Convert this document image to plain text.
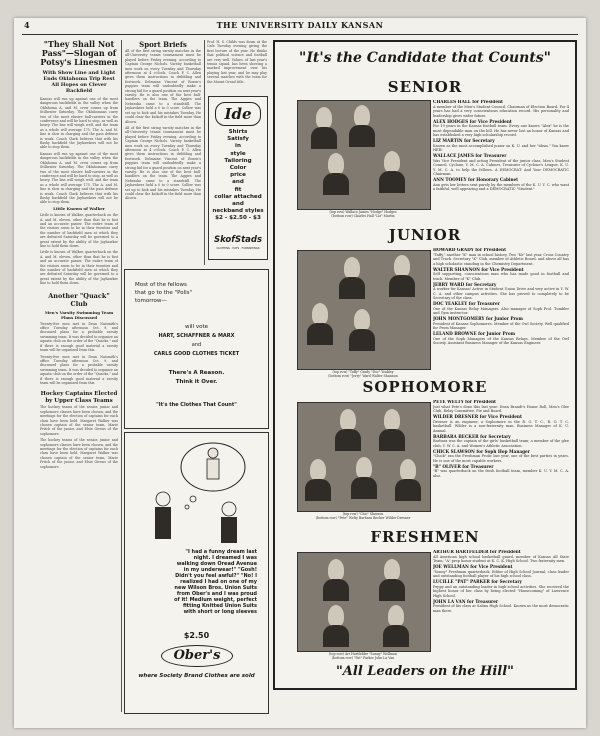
4	THE UNIVERSITY DAILY KANSAN
"They Shall Not Pass"—Slogan of Potsy's Linesmen
With Show Line and Light Ends Oklahoma Trip Rest All Hopes on Clever Backfield
Kansas will run up against one of the most dangerous backfields in the valley when the Oklahoma A. and M. crew comes up from Stillwater Saturday. The Oklahomans carry two of the most elusive ball-carriers in the conference and will be hard to stop, as well as heavy. The line will weigh well, and the team as a whole will average 175. The A. and M. line is slow in charging and the pass defense is weak. Coach Clark believes that with his flashy backfield the Jayhawkers will not be able to stop them.
Kansas will run up against one of the most dangerous backfields in the valley when the Oklahoma A. and M. crew comes up from Stillwater Saturday. The Oklahomans carry two of the most elusive ball-carriers in the conference and will be hard to stop, as well as heavy. The line will weigh well, and the team as a whole will average 175. The A. and M. line is slow in charging and the pass defense is weak. Coach Clark believes that with his flashy backfield the Jayhawkers will not be able to stop them.
Little Known of Walker
Little is known of Walker, quarterback on the A. and M. eleven, other than that he is fast and an accurate passer. The entire team of the visitors seem to be in their twenties and the number of backfield men at which they are defeated Saturday will be governed to a great extent by the ability of the Jayhawker line to hold them down.
Little is known of Walker, quarterback on the A. and M. eleven, other than that he is fast and an accurate passer. The entire team of the visitors seem to be in their twenties and the number of backfield men at which they are defeated Saturday will be governed to a great extent by the ability of the Jayhawker line to hold them down.
Another "Quack" Club
Men's Varsity Swimming Team Plans Discussed
Twenty-five men met in Dean Naismith's office Tuesday afternoon Oct. 9, and discussed plans for a probable varsity swimming team. It was decided to organize an aquatic club on the order of the "Quacks," and if there is enough good material a varsity team will be organized from this.
Twenty-five men met in Dean Naismith's office Tuesday afternoon Oct. 9, and discussed plans for a probable varsity swimming team. It was decided to organize an aquatic club on the order of the "Quacks," and if there is enough good material a varsity team will be organized from this.
Hockey Captains Elected by Upper Class Teams
The hockey teams of the senior, junior and sophomore classes have been chosen, and the meetings for the election of captains for each class have been held. Margaret Walker was chosen captain of the senior team, Marie Fritch of the junior, and Elsie Givens of the sophomore.
The hockey teams of the senior, junior and sophomore classes have been chosen, and the meetings for the election of captains for each class have been held. Margaret Walker was chosen captain of the senior team, Marie Fritch of the junior, and Elsie Givens of the sophomore.
Sport Briefs
All of the first string varsity matches in the all-University tennis tournament must be played before Friday evening, according to Captain George Nichols. Varsity basketball men work on every Tuesday and Thursday afternoon at 4 o'clock. Coach F. C. Allen gives them instructions in dribbling and footwork. Delmaine Vincent of Rosen's puppies team will undoubtedly make a strong bid for a guard position on next year's varsity. He is also one of the best ball-handlers on the team. The Aggies and Nebraska came to a standstill. The Jayhawkers held a 0 to 0 score. Collier was set up to kick and his mistakes Tuesday. He could clear the kickoff in the field more than Alcorn.
All of the first string varsity matches in the all-University tennis tournament must be played before Friday evening, according to Captain George Nichols. Varsity basketball men work on every Tuesday and Thursday afternoon at 4 o'clock. Coach F. C. Allen gives them instructions in dribbling and footwork. Delmaine Vincent of Rosen's puppies team will undoubtedly make a strong bid for a guard position on next year's varsity. He is also one of the best ball-handlers on the team. The Aggies and Nebraska came to a standstill. The Jayhawkers held a 0 to 0 score. Collier was set up to kick and his mistakes Tuesday. He could clear the kickoff in the field more than Alcorn.
Prof. H. S. Childs was down at the Cafe Tuesday evening giving the first lecture of the year. He thinks that political science and football are very well. Values, of last year's tennis squad, has been showing a marked improvement over his playing last year, and he may play several matches with the team for the Mount Oread title.
Ide
Shirts
Satisfy
in
style
Tailoring
Color
price
and
fit
collar attached and
neckband styles
$2 - $2.50 - $3
SkofStads
CLOTHING · HATS · FURNISHINGS
Most of the fellows
that go to the "Polls"
tomorrow—
will vote
HART, SCHAFFNER & MARX
and
CARLS GOOD CLOTHES TICKET
There's A Reason.
Think it Over.
"It's the Clothes That Count"
"I had a funny dream last night. I dreamed I was walking down Oread Avenue in my underwear!" "Gosh! Didn't you feel awful?" "No! I realized I had on one of my new Wilson Bros. Union Suits from Ober's and I was proud of it! Medium weight, perfect fitting Knitted Union Suits with short or long sleeves
$2.50
Ober's
where Society Brand Clothes are sold
"It's the Candidate that Counts"
SENIOR
(top row) Wallace James "Hodge" Hodges
(bottom row) Charles Hall "Liz" Martin
CHARLES HALL for President
A member of the Men's Student Council, Chairman of Election Board. For 4 years has had a very conscientious education record. His personality and leadership gives wider future.
ALEX HODGES for Vice President
For 19 years in the Kansas football team. Every one knows "Alex" he is the most dependable man on the hill. He has never lost an honor of Kansas and has established a very high scholarship record.
LIZ MARTIN for Secretary
Known as the most accomplished junior on K. U. and her "ideas." You know HER!
WALLACE JAMES for Treasurer
Was Vice President and acting President of the junior class, Men's Student Council, Cyclone, Y. M. C. A. Cabinet, Treasurer of Cyclone's League. K. U. Y. M. C. A. to help the fellows. A DEMOCRAT. And Your DEMOCRATIC Chairman.
ANN TOOMEY for Honorary Cabinet
Ann gets her letters sent purely by the members of the K. U. Y. C. who want a faithful, well appearing and a DEMOCRATIC "Student."
JUNIOR
(top row) "Taffy" Grady "Doc" Yeakley
(bottom row) "Jerry" Ward Walter Shannon
HOWARD GRADY for President
"Taffy," another "K" man in school history. Two "Ks" last year, Cross Country and Track. Secretary "K" Club, member of Athletic Board, and above all has a high scholastic standing in the Chemistry Department.
WALTER SHANNON for Vice President
Self supporting, conscientious man who has made good in football and track. Member of "K" Club.
JERRY WARD for Secretary
A worker for Kansas! Active in Student Union Drive and very active in Y. W. C. A. and other campus activities. She has proved to completely to be Secretary of the class.
DOC YEAKLEY for Treasurer
One of the Kansas Relay Managers. Also manager of Soph Frol. Tumbler and Gym instructor.
JOHN MONTGOMERY for Junior Prom
President of Kansas Sophomores. Member of the Owl Society. Well qualified for Prom Manager.
LELAND BROWNE for Junior Prom
One of the Soph Managers of the Kansas Relays. Member of the Owl Society. Assistant Business Manager of the Kansas Engineer.
SOPHOMORE
(top row) "Chic" Slawson
(bottom row) "Pete" Welty Barbara Becker Wilder Dresner
PETE WELTY for President
Just what Pete's done this last year: Dean Brandt's Honor Roll, Men's Glee Club, Relay Committee, Pie and Board.
WILDER DRESNER for Vice President
Dresner is an engineer, a Sophomore in the R. O. T. C., R. O. T. C. basketball. Wilder is a non-fraternity man. Business Manager of K. U. Annual.
BARBARA BECKER for Secretary
Barbara was the captain of the girls' basketball team; a member of the glee club, Y. W. C. A. and Women's Athletic Association.
CHICK SLAWSON for Soph Hop Manager
"Chick" ran the Freshman Frolic last year, one of the best parties in years. He is one of the most capable workers.
"B" OLIVER for Treasurer
"B" was quarterback on the frosh football team, member K. U. Y. M. C. A. also.
FRESHMEN
(top row) Art Hartfelder "Sonny" Wellman
(bottom row) "Pat" Parker John La Van
ARTHUR HARTFELDER for President
All American high school basketball guard, member of Kansas All State Team, "A" prep honor student at K. C. K. High School. Two fraternity men.
JOE WELLMAN for Vice President
"Sonny" Freshman quarterback. Editor of High School Journal, class leader and outstanding football player of his high school class.
LUCILLE "PAT" PARKER for Secretary
Peppy and an outstanding leader in high school activities. She received the highest honor of her class by being elected "Homecoming" of Lawrence High School.
JOHN LA VAN for Treasurer
President of his class at Salina High School. Known as the most democratic man there.
"All Leaders on the Hill"
